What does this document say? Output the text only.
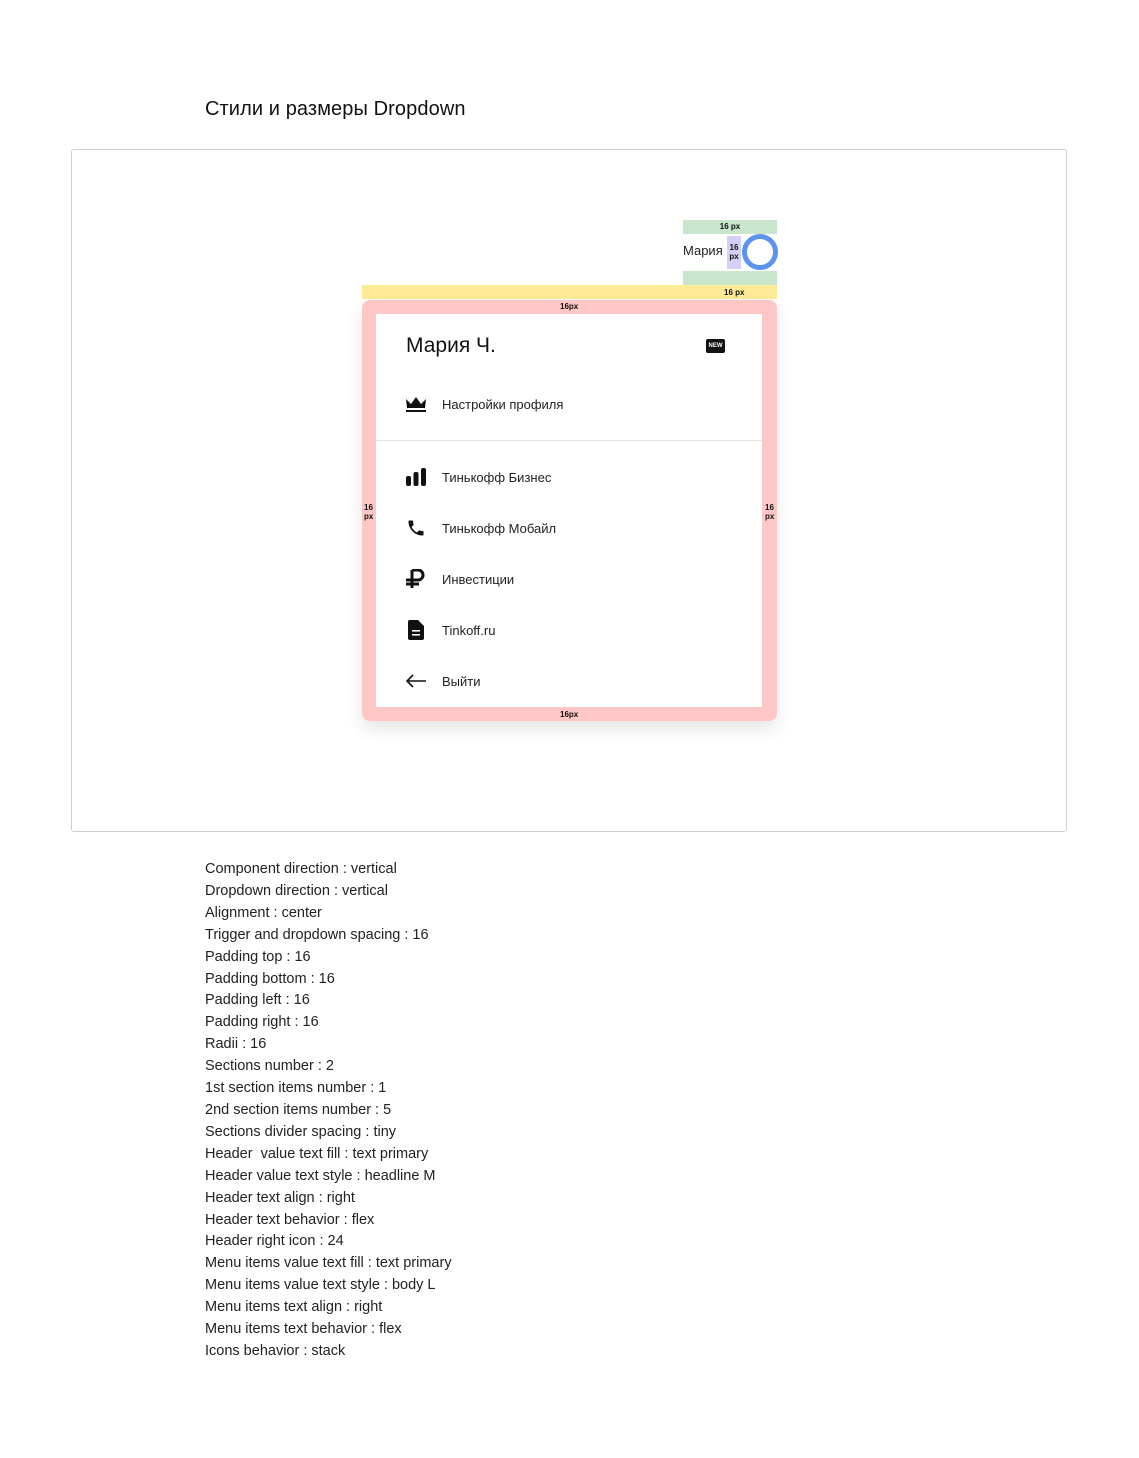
Стили и размеры Dropdown
16 px
Мария 16
px
16 px
16px
16px
16
px
16
px
Мария Ч.	NEW
Настройки профиля
Тинькофф Бизнес
Тинькофф Мобайл
Инвестиции
Tinkoff.ru
Выйти
Component direction : vertical
Dropdown direction : vertical
Alignment : center
Trigger and dropdown spacing : 16
Padding top : 16
Padding bottom : 16
Padding left : 16
Padding right : 16
Radii : 16
Sections number : 2
1st section items number : 1
2nd section items number : 5
Sections divider spacing : tiny
Header  value text fill : text primary
Header value text style : headline M
Header text align : right
Header text behavior : flex
Header right icon : 24
Menu items value text fill : text primary
Menu items value text style : body L
Menu items text align : right
Menu items text behavior : flex
Icons behavior : stack
